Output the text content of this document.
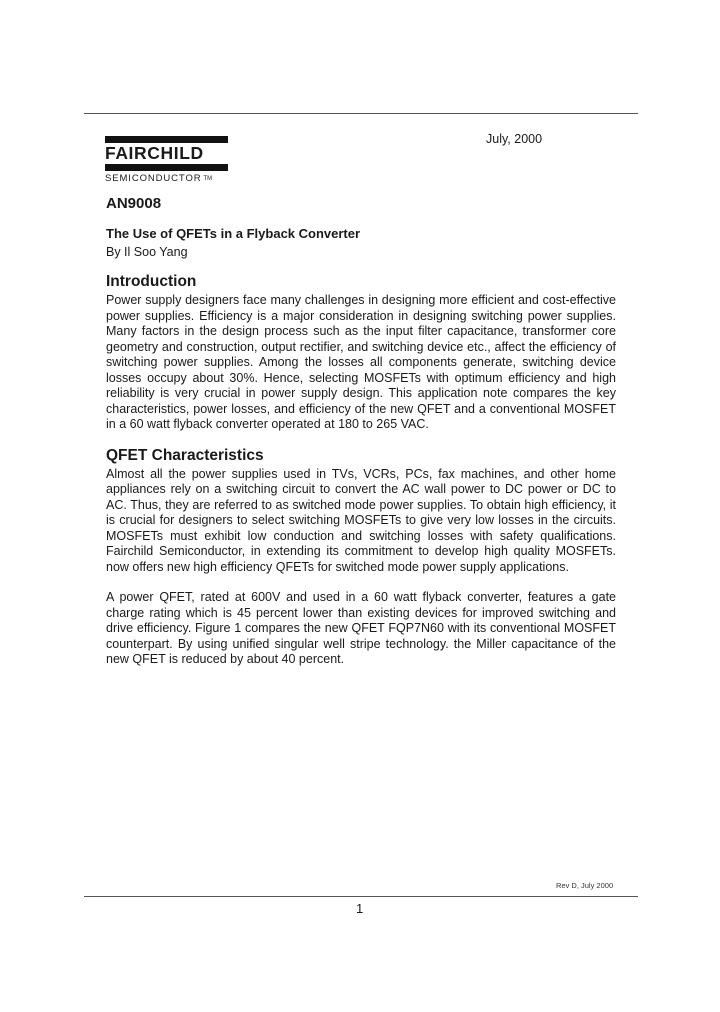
July, 2000
FAIRCHILD
SEMICONDUCTOR TM
AN9008
The Use of QFETs in a Flyback Converter
By Il Soo Yang
Introduction

Power supply designers face many challenges in designing more efficient and cost-effective power supplies. Efficiency is a major consideration in designing switching power supplies. Many factors in the design process such as the input filter capacitance, transformer core geometry and construction, output rectifier, and switching device etc., affect the efficiency of switching power supplies. Among the losses all components generate, switching device losses occupy about 30%. Hence, selecting MOSFETs with optimum efficiency and high reliability is very crucial in power supply design. This application note compares the key characteristics, power losses, and efficiency of the new QFET and a conventional MOSFET in a 60 watt flyback converter operated at 180 to 265 VAC.

QFET Characteristics

Almost all the power supplies used in TVs, VCRs, PCs, fax machines, and other home appliances rely on a switching circuit to convert the AC wall power to DC power or DC to AC. Thus, they are referred to as switched mode power supplies. To obtain high efficiency, it is crucial for designers to select switching MOSFETs to give very low losses in the circuits. MOSFETs must exhibit low conduction and switching losses with safety qualifications. Fairchild Semiconductor, in extending its commitment to develop high quality MOSFETs. now offers new high efficiency QFETs for switched mode power supply applications.

A power QFET, rated at 600V and used in a 60 watt flyback converter, features a gate charge rating which is 45 percent lower than existing devices for improved switching and drive efficiency. Figure 1 compares the new QFET FQP7N60 with its conventional MOSFET counterpart. By using unified singular well stripe technology. the Miller capacitance of the new QFET is reduced by about 40 percent.

Rev D, July 2000
1
